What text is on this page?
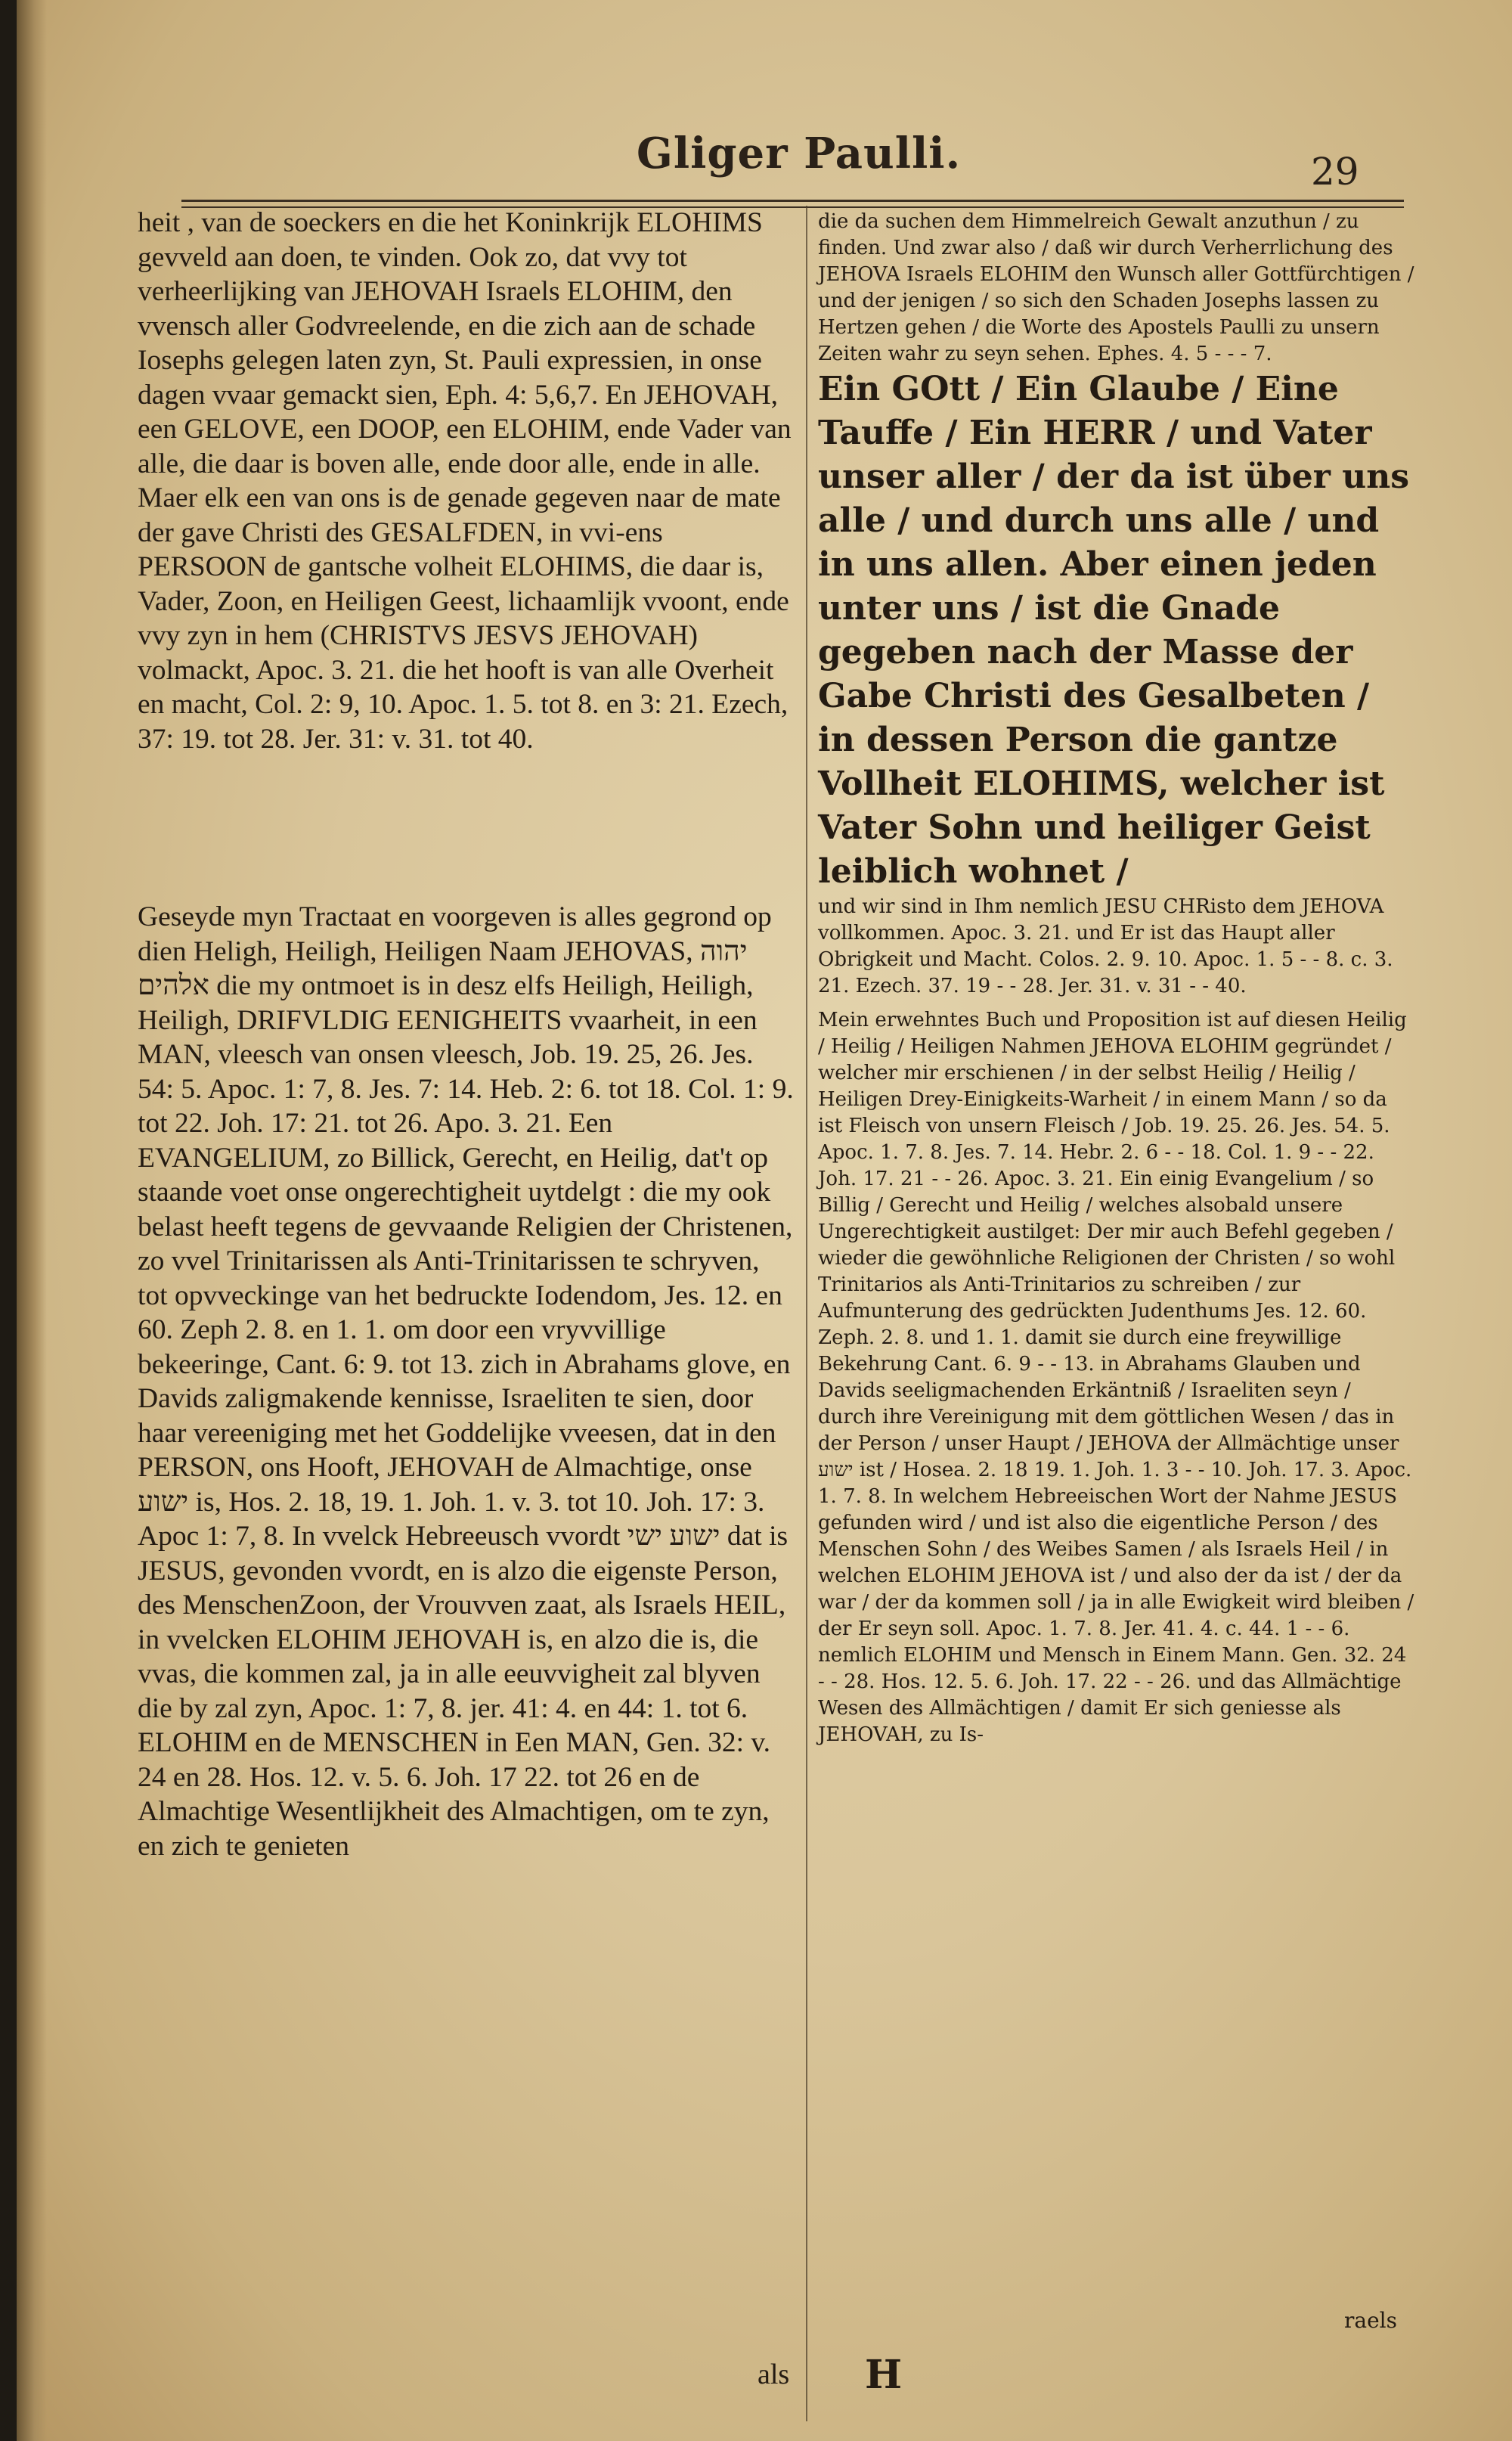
Gliger Paulli.	29

heit , van de soeckers en die het Koninkrijk ELOHIMS gevveld aan doen, te vinden. Ook zo, dat vvy tot verheerlijking van JEHOVAH Israels ELOHIM, den vvensch aller Godvreelende, en die zich aan de schade Iosephs gelegen laten zyn, St. Pauli expressien, in onse dagen vvaar gemackt sien, Eph. 4: 5,6,7. En JEHOVAH, een GELOVE, een DOOP, een ELOHIM, ende Vader van alle, die daar is boven alle, ende door alle, ende in alle. Maer elk een van ons is de genade gegeven naar de mate der gave Christi des GESALFDEN, in vvi-ens PERSOON de gantsche volheit ELOHIMS, die daar is, Vader, Zoon, en Heiligen Geest, lichaamlijk vvoont, ende vvy zyn in hem (CHRISTVS JESVS JEHOVAH) volmackt, Apoc. 3. 21. die het hooft is van alle Overheit en macht, Col. 2: 9, 10. Apoc. 1. 5. tot 8. en 3: 21. Ezech, 37: 19. tot 28. Jer. 31: v. 31. tot 40.

Geseyde myn Tractaat en voorgeven is alles gegrond op dien Heligh, Heiligh, Heiligen Naam JEHOVAS, יהוה אלהים die my ontmoet is in desz elfs Heiligh, Heiligh, Heiligh, DRIFVLDIG EENIGHEITS vvaarheit, in een MAN, vleesch van onsen vleesch, Job. 19. 25, 26. Jes. 54: 5. Apoc. 1: 7, 8. Jes. 7: 14. Heb. 2: 6. tot 18. Col. 1: 9. tot 22. Joh. 17: 21. tot 26. Apo. 3. 21. Een EVANGELIUM, zo Billick, Gerecht, en Heilig, dat't op staande voet onse ongerechtigheit uytdelgt : die my ook belast heeft tegens de gevvaande Religien der Christenen, zo vvel Trinitarissen als Anti-Trinitarissen te schryven, tot opvveckinge van het bedruckte Iodendom, Jes. 12. en 60. Zeph 2. 8. en 1. 1. om door een vryvvillige bekeeringe, Cant. 6: 9. tot 13. zich in Abrahams glove, en Davids zaligmakende kennisse, Israeliten te sien, door haar vereeniging met het Goddelijke vveesen, dat in den PERSON, ons Hooft, JEHOVAH de Almachtige, onse ישוע is, Hos. 2. 18, 19. 1. Joh. 1. v. 3. tot 10. Joh. 17: 3. Apoc 1: 7, 8. In vvelck Hebreeusch vvordt ישוע ישי dat is JESUS, gevonden vvordt, en is alzo die eigenste Person, des MenschenZoon, der Vrouvven zaat, als Israels HEIL, in vvelcken ELOHIM JEHOVAH is, en alzo die is, die vvas, die kommen zal, ja in alle eeuvvigheit zal blyven die by zal zyn, Apoc. 1: 7, 8. jer. 41: 4. en 44: 1. tot 6. ELOHIM en de MENSCHEN in Een MAN, Gen. 32: v. 24 en 28. Hos. 12. v. 5. 6. Joh. 17 22. tot 26 en de Almachtige Wesentlijkheit des Almachtigen, om te zyn, en zich te genieten

die da suchen dem Himmelreich Gewalt anzuthun / zu finden. Und zwar also / daß wir durch Verherrlichung des JEHOVA Israels ELOHIM den Wunsch aller Gottfürchtigen / und der jenigen / so sich den Schaden Josephs lassen zu Hertzen gehen / die Worte des Apostels Paulli zu unsern Zeiten wahr zu seyn sehen. Ephes. 4. 5 - - - 7.

Ein GOtt / Ein Glaube / Eine Tauffe / Ein HERR / und Vater unser aller / der da ist über uns alle / und durch uns alle / und in uns allen. Aber einen jeden unter uns / ist die Gnade gegeben nach der Masse der Gabe Christi des Gesalbeten / in dessen Person die gantze Vollheit ELOHIMS, welcher ist Vater Sohn und heiliger Geist leiblich wohnet /

und wir sind in Ihm nemlich JESU CHRisto dem JEHOVA vollkommen. Apoc. 3. 21. und Er ist das Haupt aller Obrigkeit und Macht. Colos. 2. 9. 10. Apoc. 1. 5 - - 8. c. 3. 21. Ezech. 37. 19 - - 28. Jer. 31. v. 31 - - 40.

Mein erwehntes Buch und Proposition ist auf diesen Heilig / Heilig / Heiligen Nahmen JEHOVA ELOHIM gegründet / welcher mir erschienen / in der selbst Heilig / Heilig / Heiligen Drey-Einigkeits-Warheit / in einem Mann / so da ist Fleisch von unsern Fleisch / Job. 19. 25. 26. Jes. 54. 5. Apoc. 1. 7. 8. Jes. 7. 14. Hebr. 2. 6 - - 18. Col. 1. 9 - - 22. Joh. 17. 21 - - 26. Apoc. 3. 21. Ein einig Evangelium / so Billig / Gerecht und Heilig / welches alsobald unsere Ungerechtigkeit austilget: Der mir auch Befehl gegeben / wieder die gewöhnliche Religionen der Christen / so wohl Trinitarios als Anti-Trinitarios zu schreiben / zur Aufmunterung des gedrückten Judenthums Jes. 12. 60. Zeph. 2. 8. und 1. 1. damit sie durch eine freywillige Bekehrung Cant. 6. 9 - - 13. in Abrahams Glauben und Davids seeligmachenden Erkäntniß / Israeliten seyn / durch ihre Vereinigung mit dem göttlichen Wesen / das in der Person / unser Haupt / JEHOVA der Allmächtige unser ישוע ist / Hosea. 2. 18 19. 1. Joh. 1. 3 - - 10. Joh. 17. 3. Apoc. 1. 7. 8. In welchem Hebreeischen Wort der Nahme JESUS gefunden wird / und ist also die eigentliche Person / des Menschen Sohn / des Weibes Samen / als Israels Heil / in welchen ELOHIM JEHOVA ist / und also der da ist / der da war / der da kommen soll / ja in alle Ewigkeit wird bleiben / der Er seyn soll. Apoc. 1. 7. 8. Jer. 41. 4. c. 44. 1 - - 6. nemlich ELOHIM und Mensch in Einem Mann. Gen. 32. 24 - - 28. Hos. 12. 5. 6. Joh. 17. 22 - - 26. und das Allmächtige Wesen des Allmächtigen / damit Er sich geniesse als JEHOVAH, zu Is-

als H
raels
